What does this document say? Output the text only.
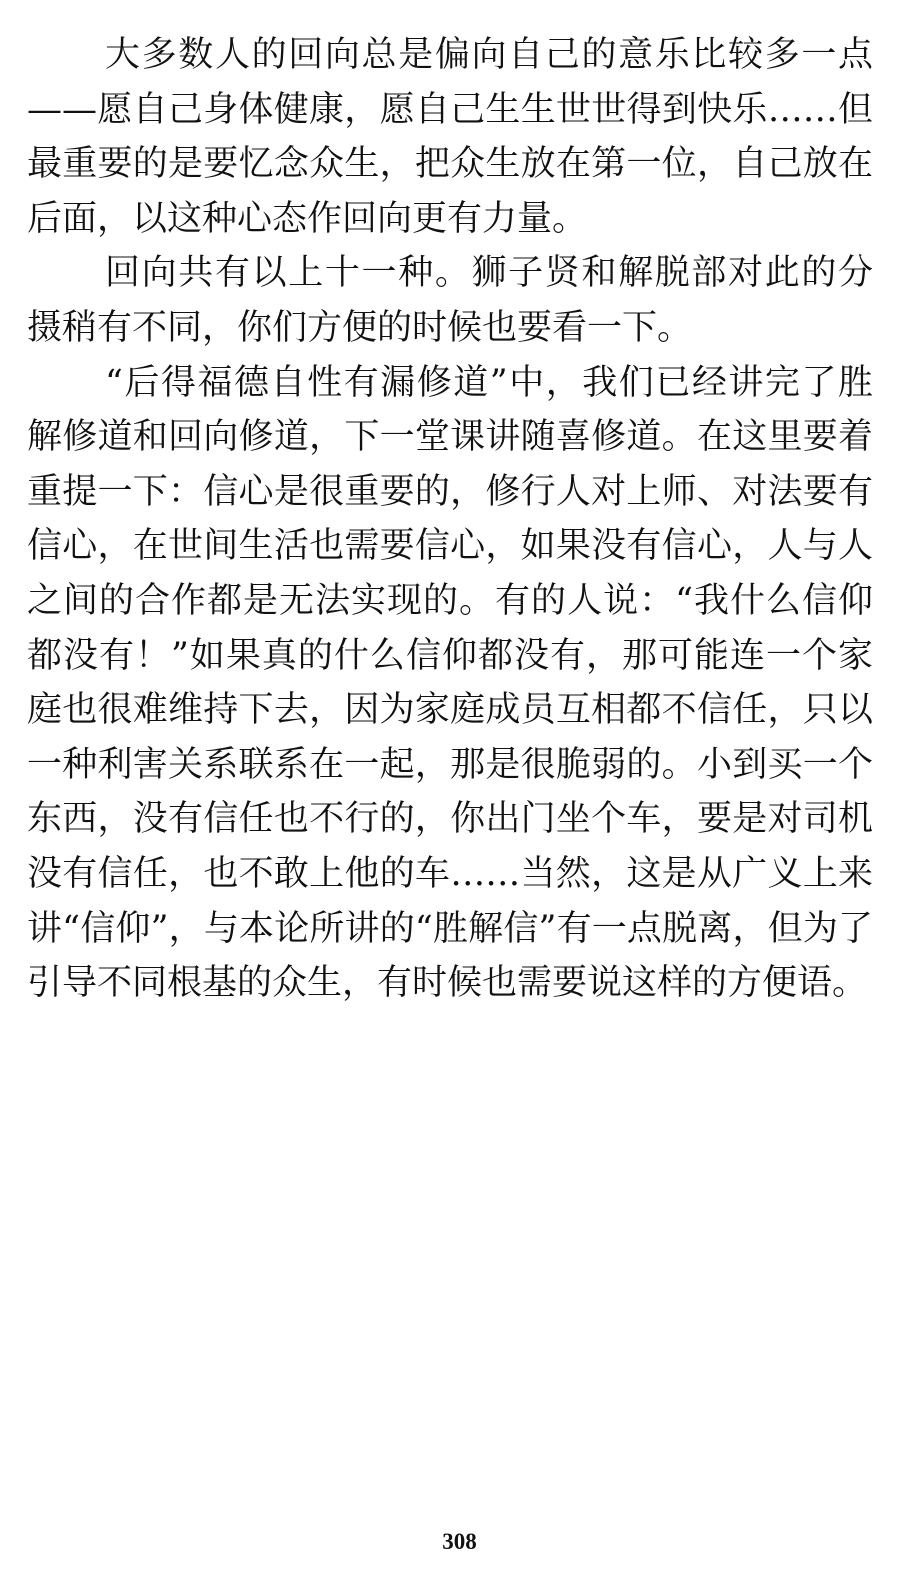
大多数人的回向总是偏向自己的意乐比较多一点——愿自己身体健康，愿自己生生世世得到快乐……但最重要的是要忆念众生，把众生放在第一位，自己放在后面，以这种心态作回向更有力量。

回向共有以上十一种。狮子贤和解脱部对此的分摄稍有不同，你们方便的时候也要看一下。

“后得福德自性有漏修道”中，我们已经讲完了胜解修道和回向修道，下一堂课讲随喜修道。在这里要着重提一下：信心是很重要的，修行人对上师、对法要有信心，在世间生活也需要信心，如果没有信心，人与人之间的合作都是无法实现的。有的人说：“我什么信仰都没有！”如果真的什么信仰都没有，那可能连一个家庭也很难维持下去，因为家庭成员互相都不信任，只以一种利害关系联系在一起，那是很脆弱的。小到买一个东西，没有信任也不行的，你出门坐个车，要是对司机没有信任，也不敢上他的车……当然，这是从广义上来讲“信仰”，与本论所讲的“胜解信”有一点脱离，但为了引导不同根基的众生，有时候也需要说这样的方便语。

308
